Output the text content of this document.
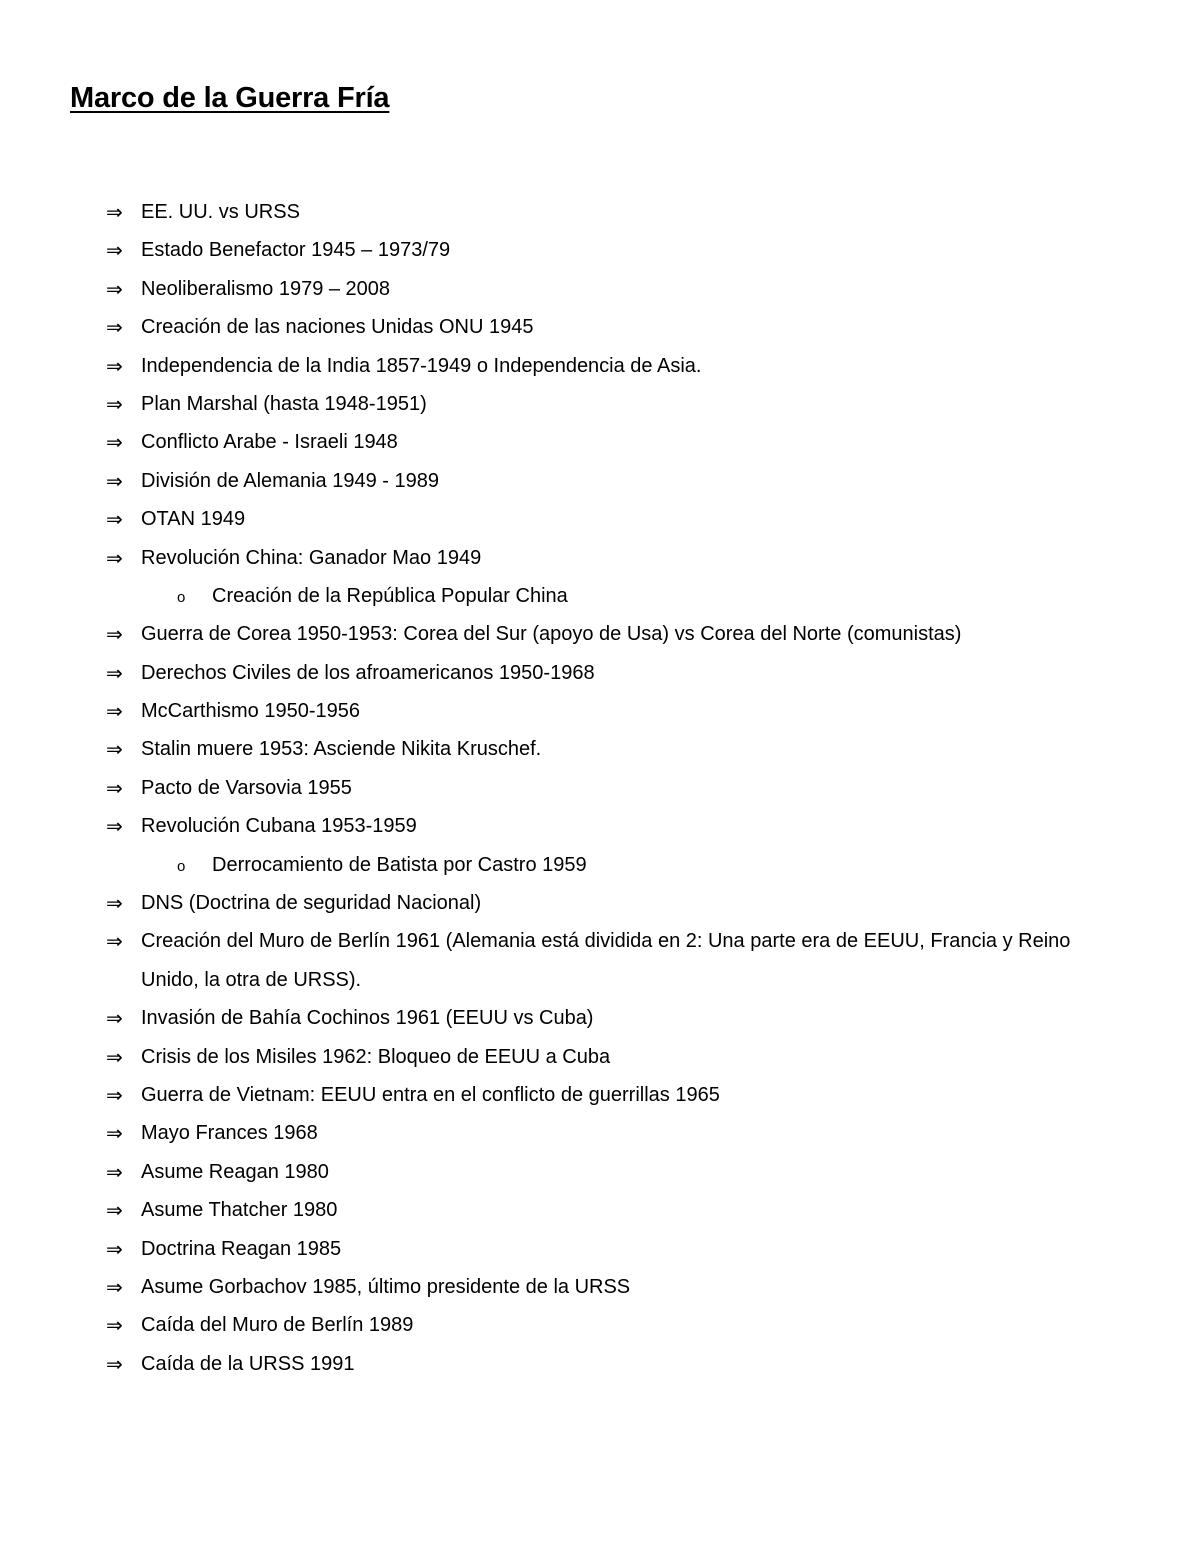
Marco de la Guerra Fría
⇒ EE. UU. vs URSS
⇒ Estado Benefactor 1945 – 1973/79
⇒ Neoliberalismo 1979 – 2008
⇒ Creación de las naciones Unidas ONU 1945
⇒ Independencia de la India 1857-1949 o Independencia de Asia.
⇒ Plan Marshal (hasta 1948-1951)
⇒ Conflicto Arabe - Israeli 1948
⇒ División de Alemania 1949 - 1989
⇒ OTAN 1949
⇒ Revolución China: Ganador Mao 1949
o Creación de la República Popular China
⇒ Guerra de Corea 1950-1953: Corea del Sur (apoyo de Usa) vs Corea del Norte (comunistas)
⇒ Derechos Civiles de los afroamericanos 1950-1968
⇒ McCarthismo 1950-1956
⇒ Stalin muere 1953: Asciende Nikita Kruschef.
⇒ Pacto de Varsovia 1955
⇒ Revolución Cubana 1953-1959
o Derrocamiento de Batista por Castro 1959
⇒ DNS (Doctrina de seguridad Nacional)
⇒ Creación del Muro de Berlín 1961 (Alemania está dividida en 2: Una parte era de EEUU, Francia y Reino
Unido, la otra de URSS).
⇒ Invasión de Bahía Cochinos 1961 (EEUU vs Cuba)
⇒ Crisis de los Misiles 1962: Bloqueo de EEUU a Cuba
⇒ Guerra de Vietnam: EEUU entra en el conflicto de guerrillas 1965
⇒ Mayo Frances 1968
⇒ Asume Reagan 1980
⇒ Asume Thatcher 1980
⇒ Doctrina Reagan 1985
⇒ Asume Gorbachov 1985, último presidente de la URSS
⇒ Caída del Muro de Berlín 1989
⇒ Caída de la URSS 1991
